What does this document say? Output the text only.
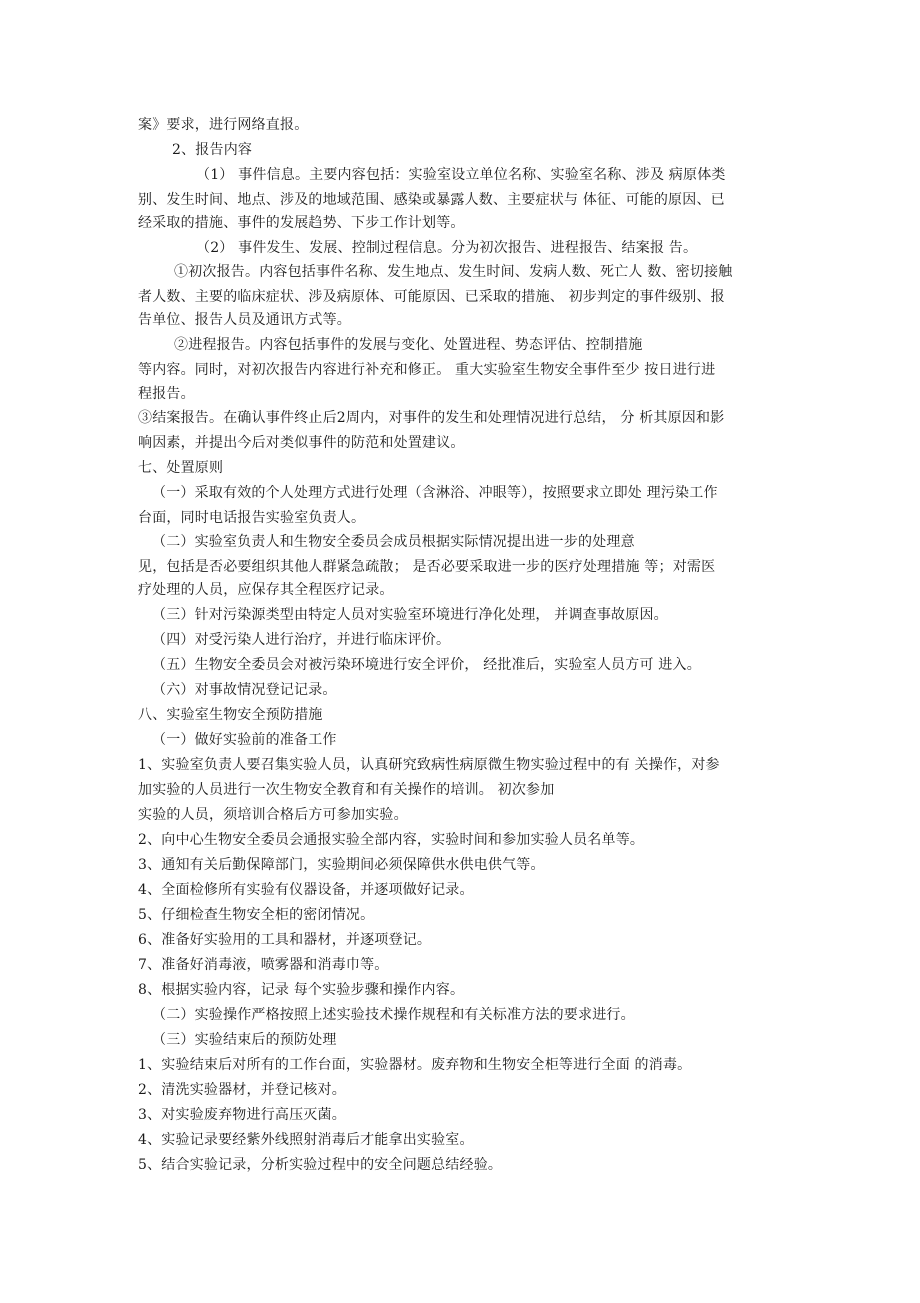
案》要求，进行网络直报。
2、报告内容
（1） 事件信息。主要内容包括：实验室设立单位名称、实验室名称、涉及 病原体类
别、发生时间、地点、涉及的地域范围、感染或暴露人数、主要症状与 体征、可能的原因、已
经采取的措施、事件的发展趋势、下步工作计划等。
（2） 事件发生、发展、控制过程信息。分为初次报告、进程报告、结案报 告。
①初次报告。内容包括事件名称、发生地点、发生时间、发病人数、死亡人 数、密切接触
者人数、主要的临床症状、涉及病原体、可能原因、已采取的措施、 初步判定的事件级别、报
告单位、报告人员及通讯方式等。
②进程报告。内容包括事件的发展与变化、处置进程、势态评估、控制措施
等内容。同时，对初次报告内容进行补充和修正。 重大实验室生物安全事件至少 按日进行进
程报告。
③结案报告。在确认事件终止后2周内，对事件的发生和处理情况进行总结， 分 析其原因和影
响因素，并提出今后对类似事件的防范和处置建议。
七、处置原则
（一）采取有效的个人处理方式进行处理（含淋浴、冲眼等），按照要求立即处 理污染工作
台面，同时电话报告实验室负责人。
（二）实验室负责人和生物安全委员会成员根据实际情况提出进一步的处理意
见，包括是否必要组织其他人群紧急疏散； 是否必要采取进一步的医疗处理措施 等；对需医
疗处理的人员，应保存其全程医疗记录。
（三）针对污染源类型由特定人员对实验室环境进行净化处理， 并调查事故原因。
（四）对受污染人进行治疗，并进行临床评价。
（五）生物安全委员会对被污染环境进行安全评价， 经批准后，实验室人员方可 进入。
（六）对事故情况登记记录。
八、实验室生物安全预防措施
（一）做好实验前的准备工作
1、实验室负责人要召集实验人员，认真研究致病性病原微生物实验过程中的有 关操作，对参
加实验的人员进行一次生物安全教育和有关操作的培训。 初次参加
实验的人员，须培训合格后方可参加实验。
2、向中心生物安全委员会通报实验全部内容，实验时间和参加实验人员名单等。
3、通知有关后勤保障部门，实验期间必须保障供水供电供气等。
4、全面检修所有实验有仪器设备，并逐项做好记录。
5、仔细检查生物安全柜的密闭情况。
6、准备好实验用的工具和器材，并逐项登记。
7、准备好消毒液，喷雾器和消毒巾等。
8、根据实验内容，记录 每个实验步骤和操作内容。
（二）实验操作严格按照上述实验技术操作规程和有关标准方法的要求进行。
（三）实验结束后的预防处理
1、实验结束后对所有的工作台面，实验器材。废弃物和生物安全柜等进行全面 的消毒。
2、清洗实验器材，并登记核对。
3、对实验废弃物进行高压灭菌。
4、实验记录要经紫外线照射消毒后才能拿出实验室。
5、结合实验记录，分析实验过程中的安全问题总结经验。
